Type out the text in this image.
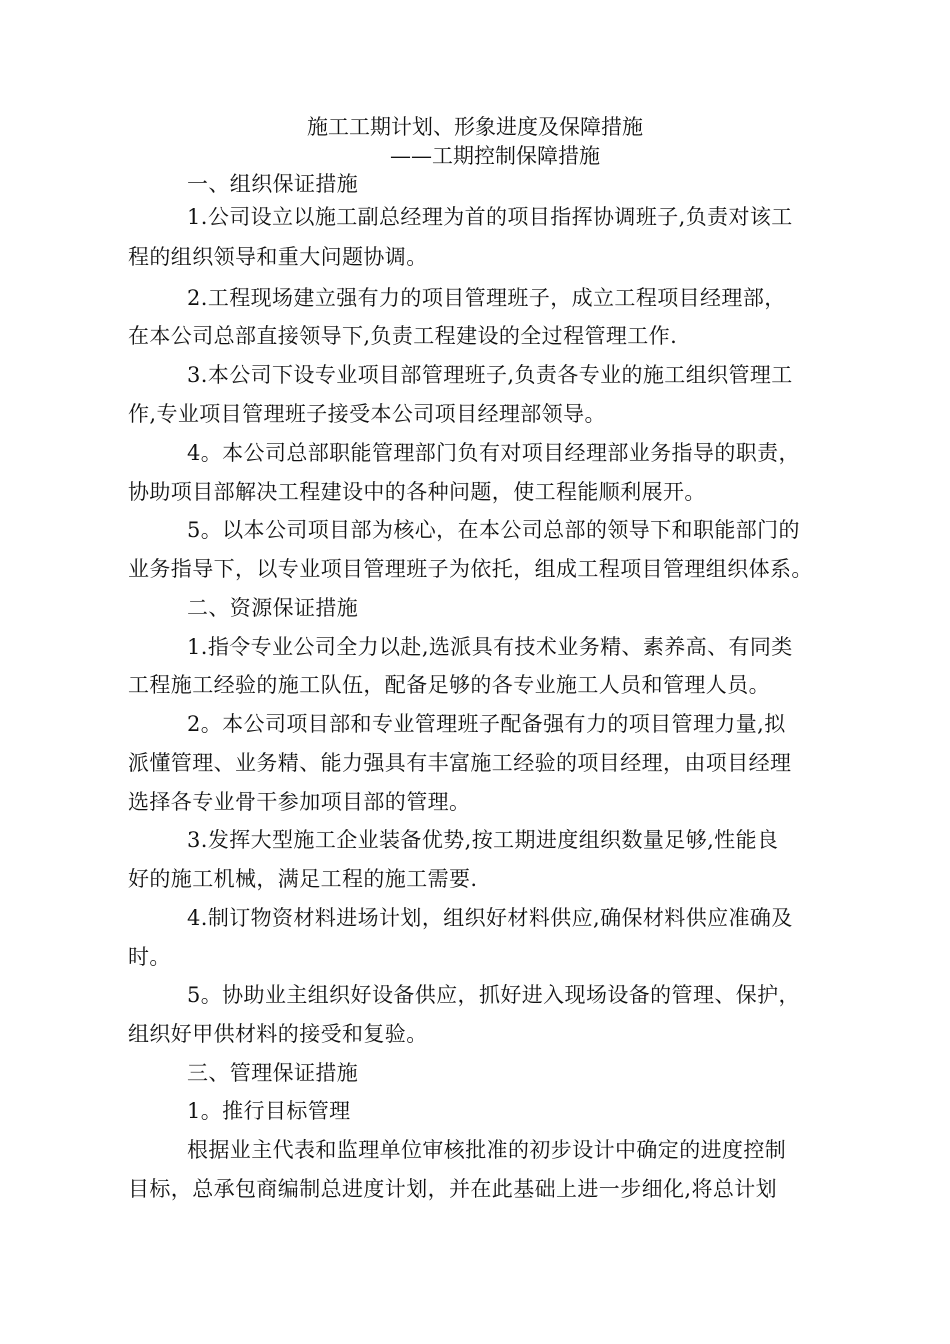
施工工期计划、形象进度及保障措施
——工期控制保障措施
一、组织保证措施
1.公司设立以施工副总经理为首的项目指挥协调班子,负责对该工
程的组织领导和重大问题协调。
2.工程现场建立强有力的项目管理班子，成立工程项目经理部，
在本公司总部直接领导下,负责工程建设的全过程管理工作.
3.本公司下设专业项目部管理班子,负责各专业的施工组织管理工
作,专业项目管理班子接受本公司项目经理部领导。
4。本公司总部职能管理部门负有对项目经理部业务指导的职责，
协助项目部解决工程建设中的各种问题，使工程能顺利展开。
5。以本公司项目部为核心，在本公司总部的领导下和职能部门的
业务指导下，以专业项目管理班子为依托，组成工程项目管理组织体系。
二、资源保证措施
1.指令专业公司全力以赴,选派具有技术业务精、素养高、有同类
工程施工经验的施工队伍，配备足够的各专业施工人员和管理人员。
2。本公司项目部和专业管理班子配备强有力的项目管理力量,拟
派懂管理、业务精、能力强具有丰富施工经验的项目经理，由项目经理
选择各专业骨干参加项目部的管理。
3.发挥大型施工企业装备优势,按工期进度组织数量足够,性能良
好的施工机械，满足工程的施工需要.
4.制订物资材料进场计划，组织好材料供应,确保材料供应准确及
时。
5。协助业主组织好设备供应，抓好进入现场设备的管理、保护，
组织好甲供材料的接受和复验。
三、管理保证措施
1。推行目标管理
根据业主代表和监理单位审核批准的初步设计中确定的进度控制
目标，总承包商编制总进度计划，并在此基础上进一步细化,将总计划
